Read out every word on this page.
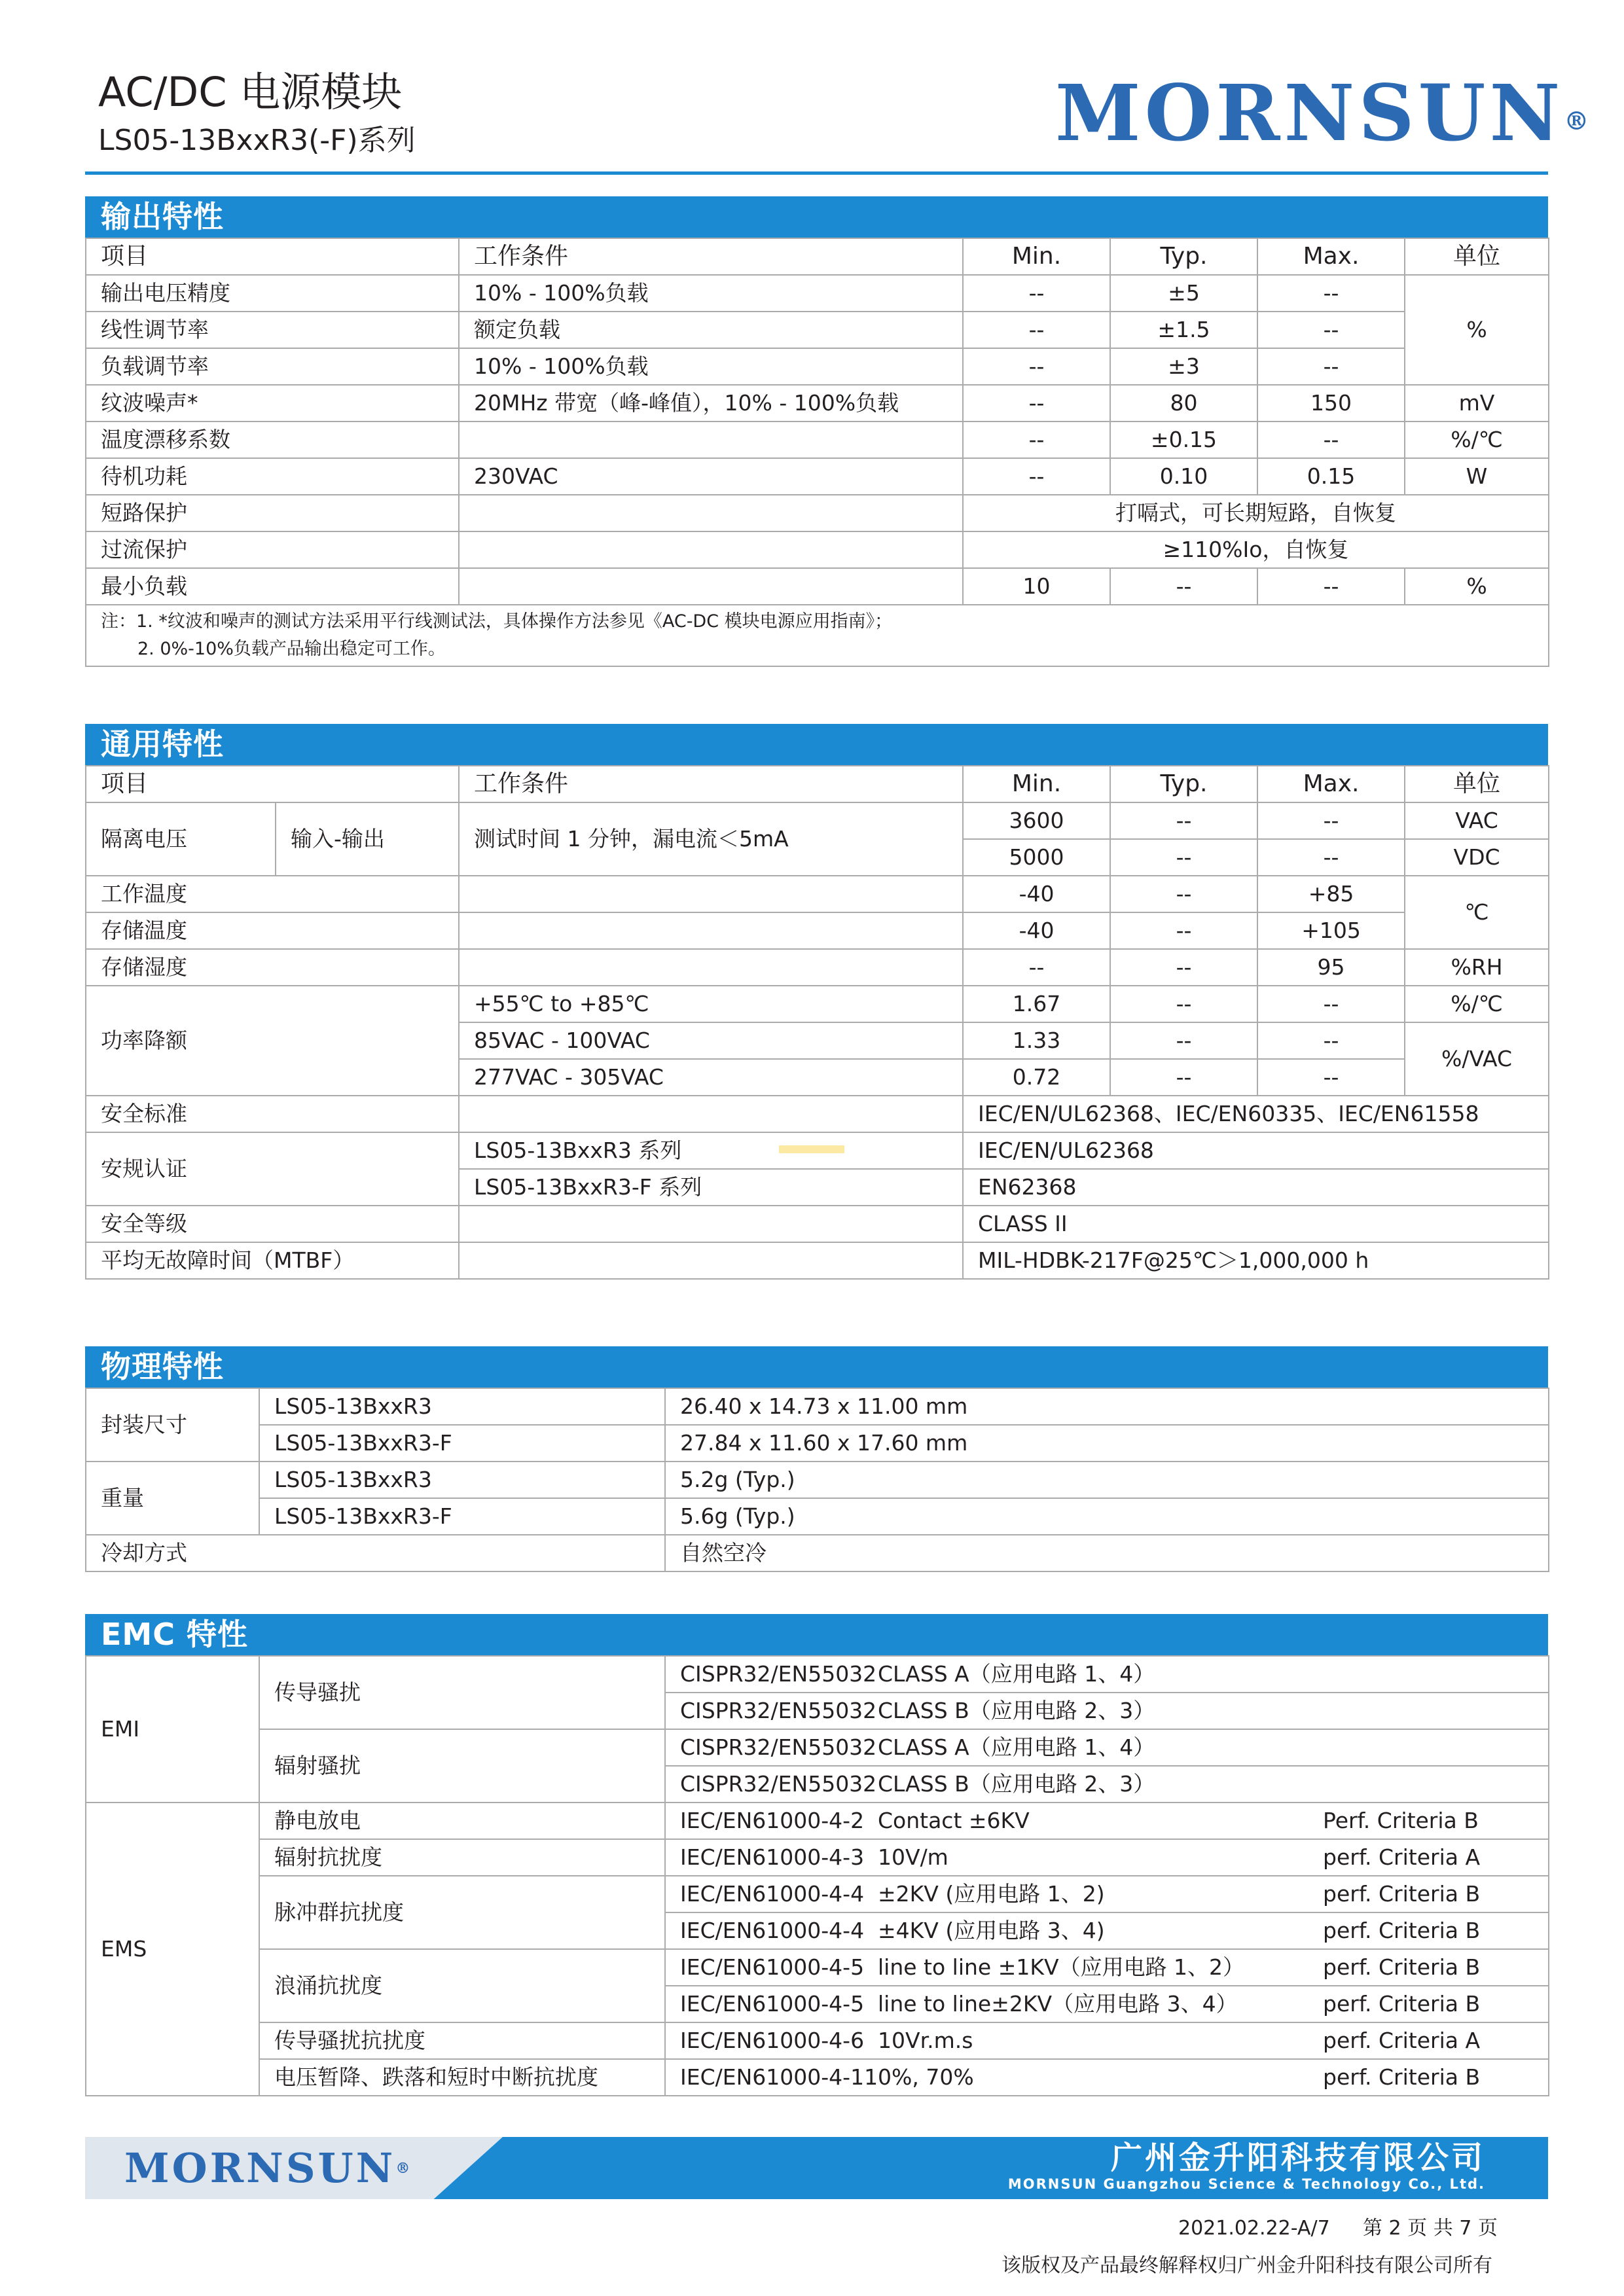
AC/DC 电源模块
LS05-13BxxR3(-F)系列	MORNSUN®
输出特性
项目	工作条件	Min.	Typ.	Max.	单位
输出电压精度	10% - 100%负载	--	±5	--	%
线性调节率	额定负载	--	±1.5	--	
负载调节率	10% - 100%负载	--	±3	--	
纹波噪声*	20MHz 带宽（峰-峰值），10% - 100%负载	--	80	150	mV
温度漂移系数		--	±0.15	--	%/℃
待机功耗	230VAC	--	0.10	0.15	W
短路保护		打嗝式，可长期短路，自恢复			
过流保护		≥110%Io，自恢复			
最小负载		10	--	--	%

注：1. *纹波和噪声的测试方法采用平行线测试法，具体操作方法参见《AC-DC 模块电源应用指南》；
2. 0%-10%负载产品输出稳定可工作。					
通用特性
项目		工作条件	Min.	Typ.	Max.	单位
隔离电压	输入-输出	测试时间 1 分钟，漏电流＜5mA	3600	--	--	VAC
			5000	--	--	VDC
工作温度			-40	--	+85	℃
存储温度			-40	--	+105	
存储湿度			--	--	95	%RH
功率降额		+55℃ to +85℃	1.67	--	--	%/℃
		85VAC - 100VAC	1.33	--	--	%/VAC
		277VAC - 305VAC	0.72	--	--	
安全标准			IEC/EN/UL62368、IEC/EN60335、IEC/EN61558			
安规认证		LS05-13BxxR3 系列	IEC/EN/UL62368			
		LS05-13BxxR3-F 系列	EN62368			
安全等级			CLASS II			
平均无故障时间（MTBF）			MIL-HDBK-217F@25℃＞1,000,000 h			
物理特性
封装尺寸	LS05-13BxxR3	26.40 x 14.73 x 11.00 mm
	LS05-13BxxR3-F	27.84 x 11.60 x 17.60 mm
重量	LS05-13BxxR3	5.2g (Typ.)
	LS05-13BxxR3-F	5.6g (Typ.)
冷却方式		自然空冷
EMC 特性
EMI	传导骚扰	CISPR32/EN55032 CLASS A（应用电路 1、4）

		CISPR32/EN55032 CLASS B（应用电路 2、3）

	辐射骚扰	CISPR32/EN55032 CLASS A（应用电路 1、4）

		CISPR32/EN55032 CLASS B（应用电路 2、3）

EMS	静电放电	IEC/EN61000-4-2 Contact ±6KV Perf. Criteria B

	辐射抗扰度	IEC/EN61000-4-3 10V/m perf. Criteria A

	脉冲群抗扰度	IEC/EN61000-4-4 ±2KV (应用电路 1、2) perf. Criteria B

		IEC/EN61000-4-4 ±4KV (应用电路 3、4) perf. Criteria B

	浪涌抗扰度	IEC/EN61000-4-5 line to line ±1KV（应用电路 1、2） perf. Criteria B

		IEC/EN61000-4-5 line to line±2KV（应用电路 3、4） perf. Criteria B

	传导骚扰抗扰度	IEC/EN61000-4-6 10Vr.m.s perf. Criteria A

	电压暂降、跌落和短时中断抗扰度	IEC/EN61000-4-11 0%, 70% perf. Criteria B
MORNSUN®	广州金升阳科技有限公司
MORNSUN Guangzhou Science & Technology Co., Ltd.
2021.02.22-A/7 第 2 页 共 7 页
该版权及产品最终解释权归广州金升阳科技有限公司所有
